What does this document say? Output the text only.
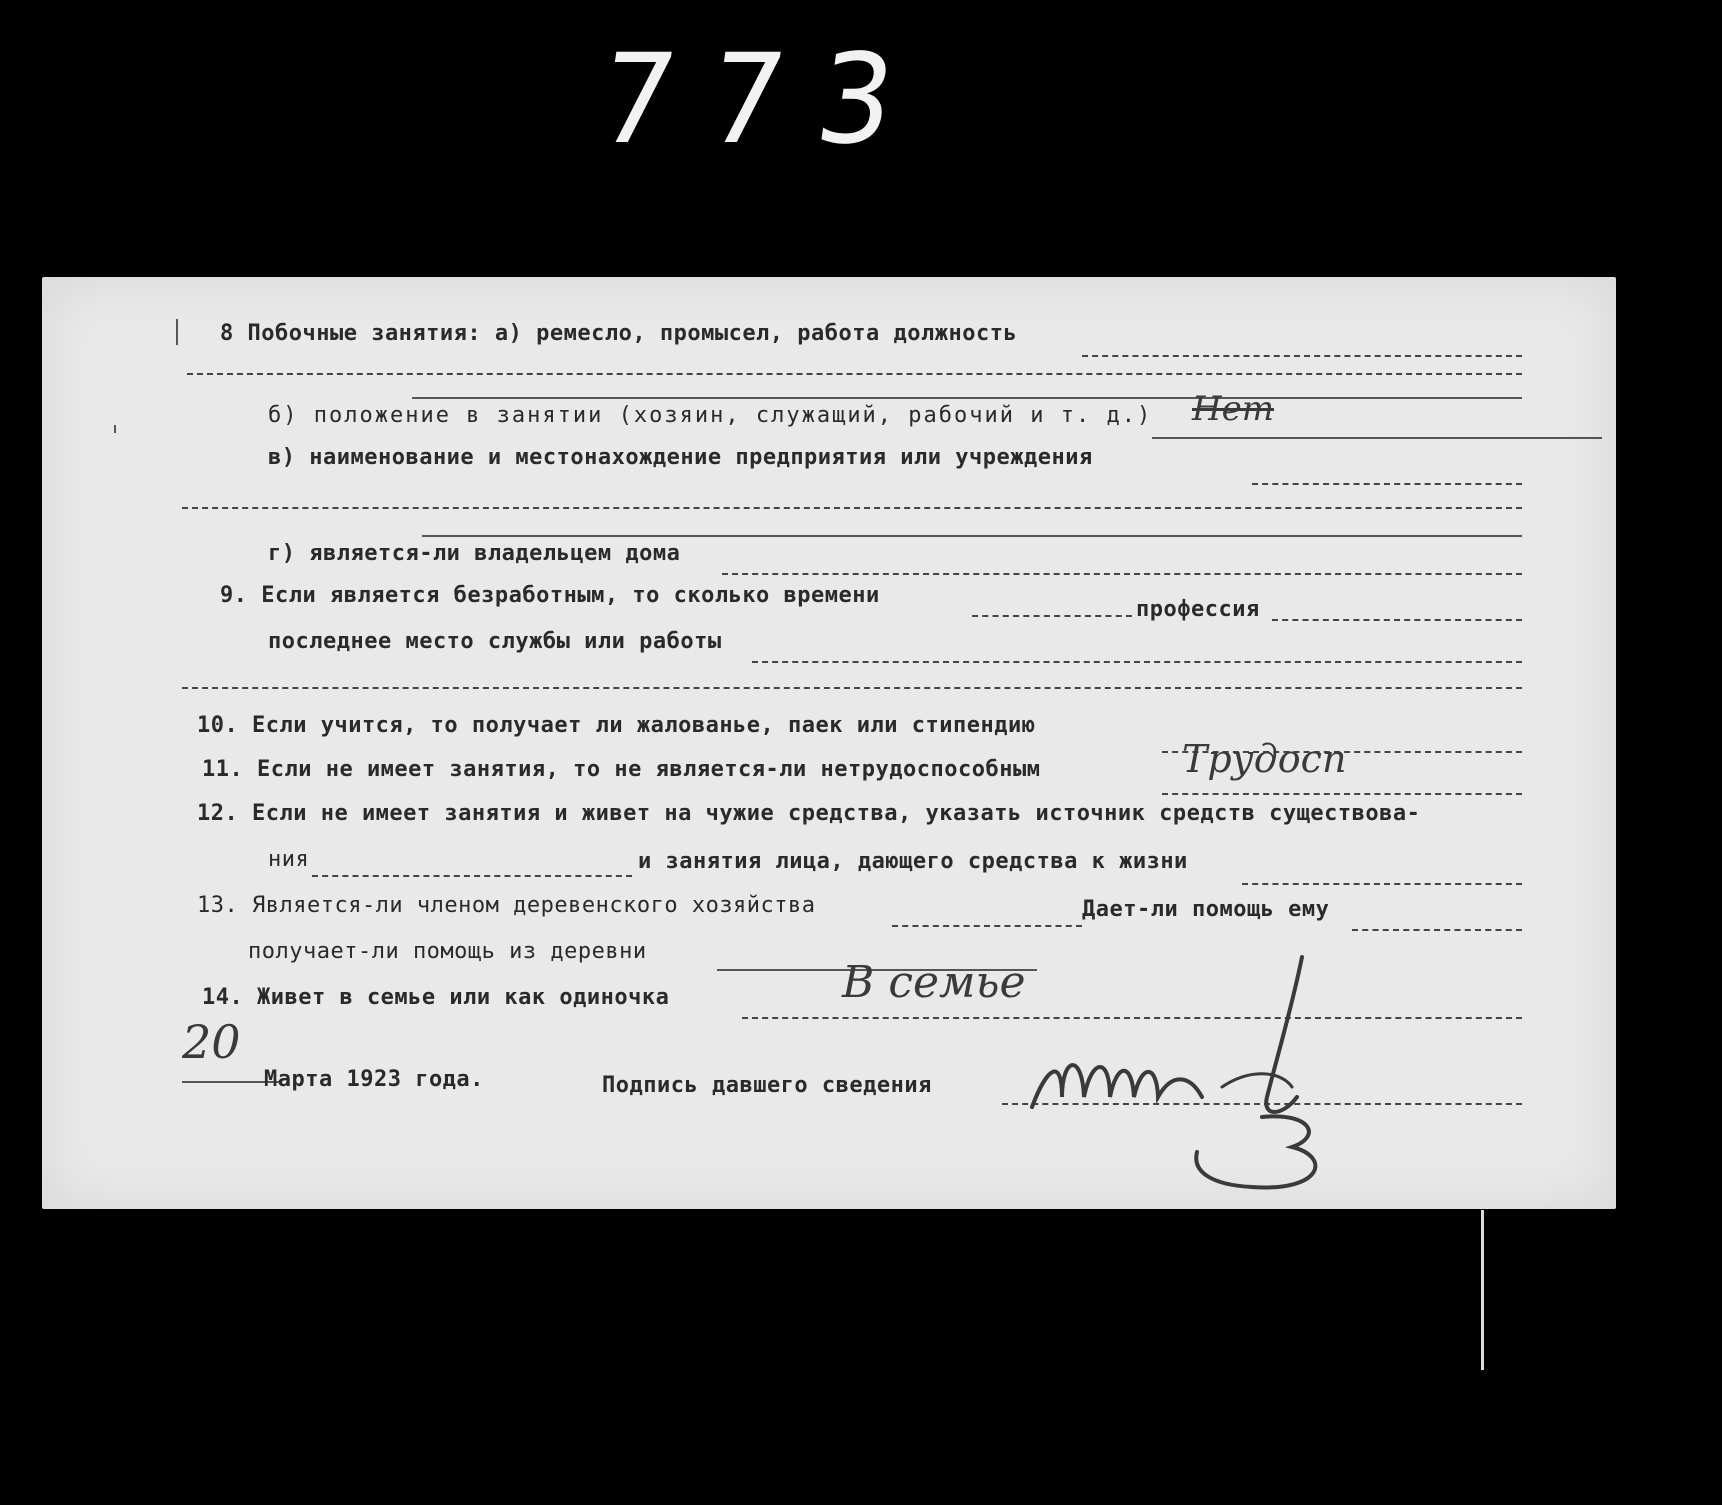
773
8 Побочные занятия: а) ремесло, промысел, работа должность
б) положение в занятии (хозяин, служащий, рабочий и т. д.) Нет
в) наименование и местонахождение предприятия или учреждения
г) является-ли владельцем дома
9. Если является безработным, то сколько времени
профессия
последнее место службы или работы
10. Если учится, то получает ли жалованье, паек или стипендию
11. Если не имеет занятия, то не является-ли нетрудоспособным	Трудосп
12. Если не имеет занятия и живет на чужие средства, указать источник средств существова-
ния	и занятия лица, дающего средства к жизни
13. Является-ли членом деревенского хозяйства	Дает-ли помощь ему
получает-ли помощь из деревни
14. Живет в семье или как одиночка	В семье
20
Марта 1923 года.	Подпись давшего сведения
